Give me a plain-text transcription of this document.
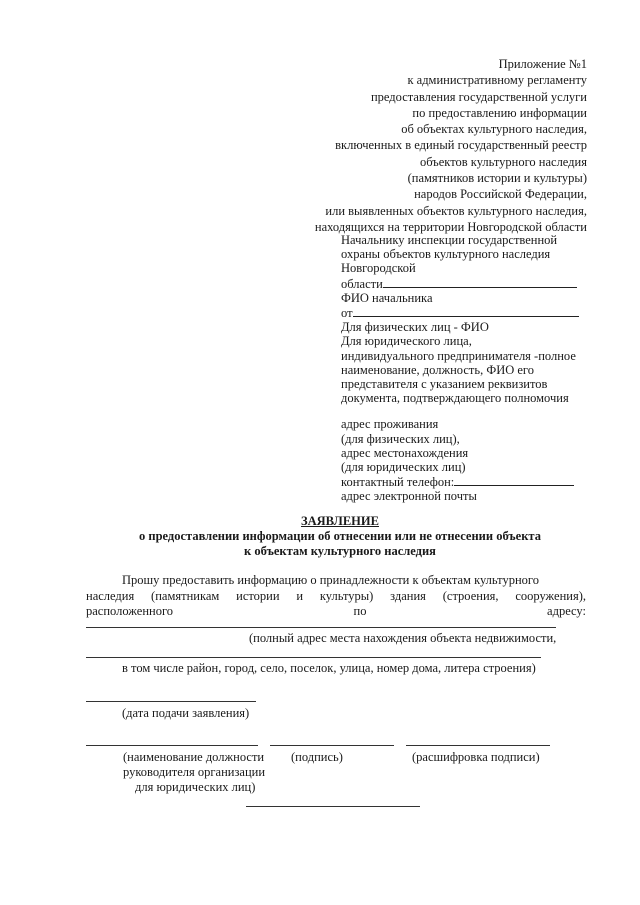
Приложение №1
к административному регламенту
предоставления государственной услуги
по предоставлению информации
об объектах культурного наследия,
включенных в единый государственный реестр
объектов культурного наследия
(памятников истории и культуры)
народов Российской Федерации,
или выявленных объектов культурного наследия,
находящихся на территории Новгородской области
Начальнику инспекции государственной
охраны объектов культурного наследия
Новгородской
области
ФИО начальника
от
Для физических лиц - ФИО
Для юридического лица,
индивидуального предпринимателя -полное
наименование, должность, ФИО его
представителя с указанием реквизитов
документа, подтверждающего полномочия
адрес проживания
(для физических лиц),
адрес местонахождения
(для юридических лиц)
контактный телефон:
адрес электронной почты
ЗАЯВЛЕНИЕ
о предоставлении информации об отнесении или не отнесении объекта
к объектам культурного наследия
Прошу предоставить информацию о принадлежности к объектам культурного
наследия (памятникам истории и культуры) здания (строения, сооружения),
расположенного	по	адресу:
(полный адрес места нахождения объекта недвижимости,
в том числе район, город, село, поселок, улица, номер дома, литера строения)
(дата подачи заявления)
(наименование должности
руководителя организации
для юридических лиц)
(подпись)	(расшифровка подписи)
